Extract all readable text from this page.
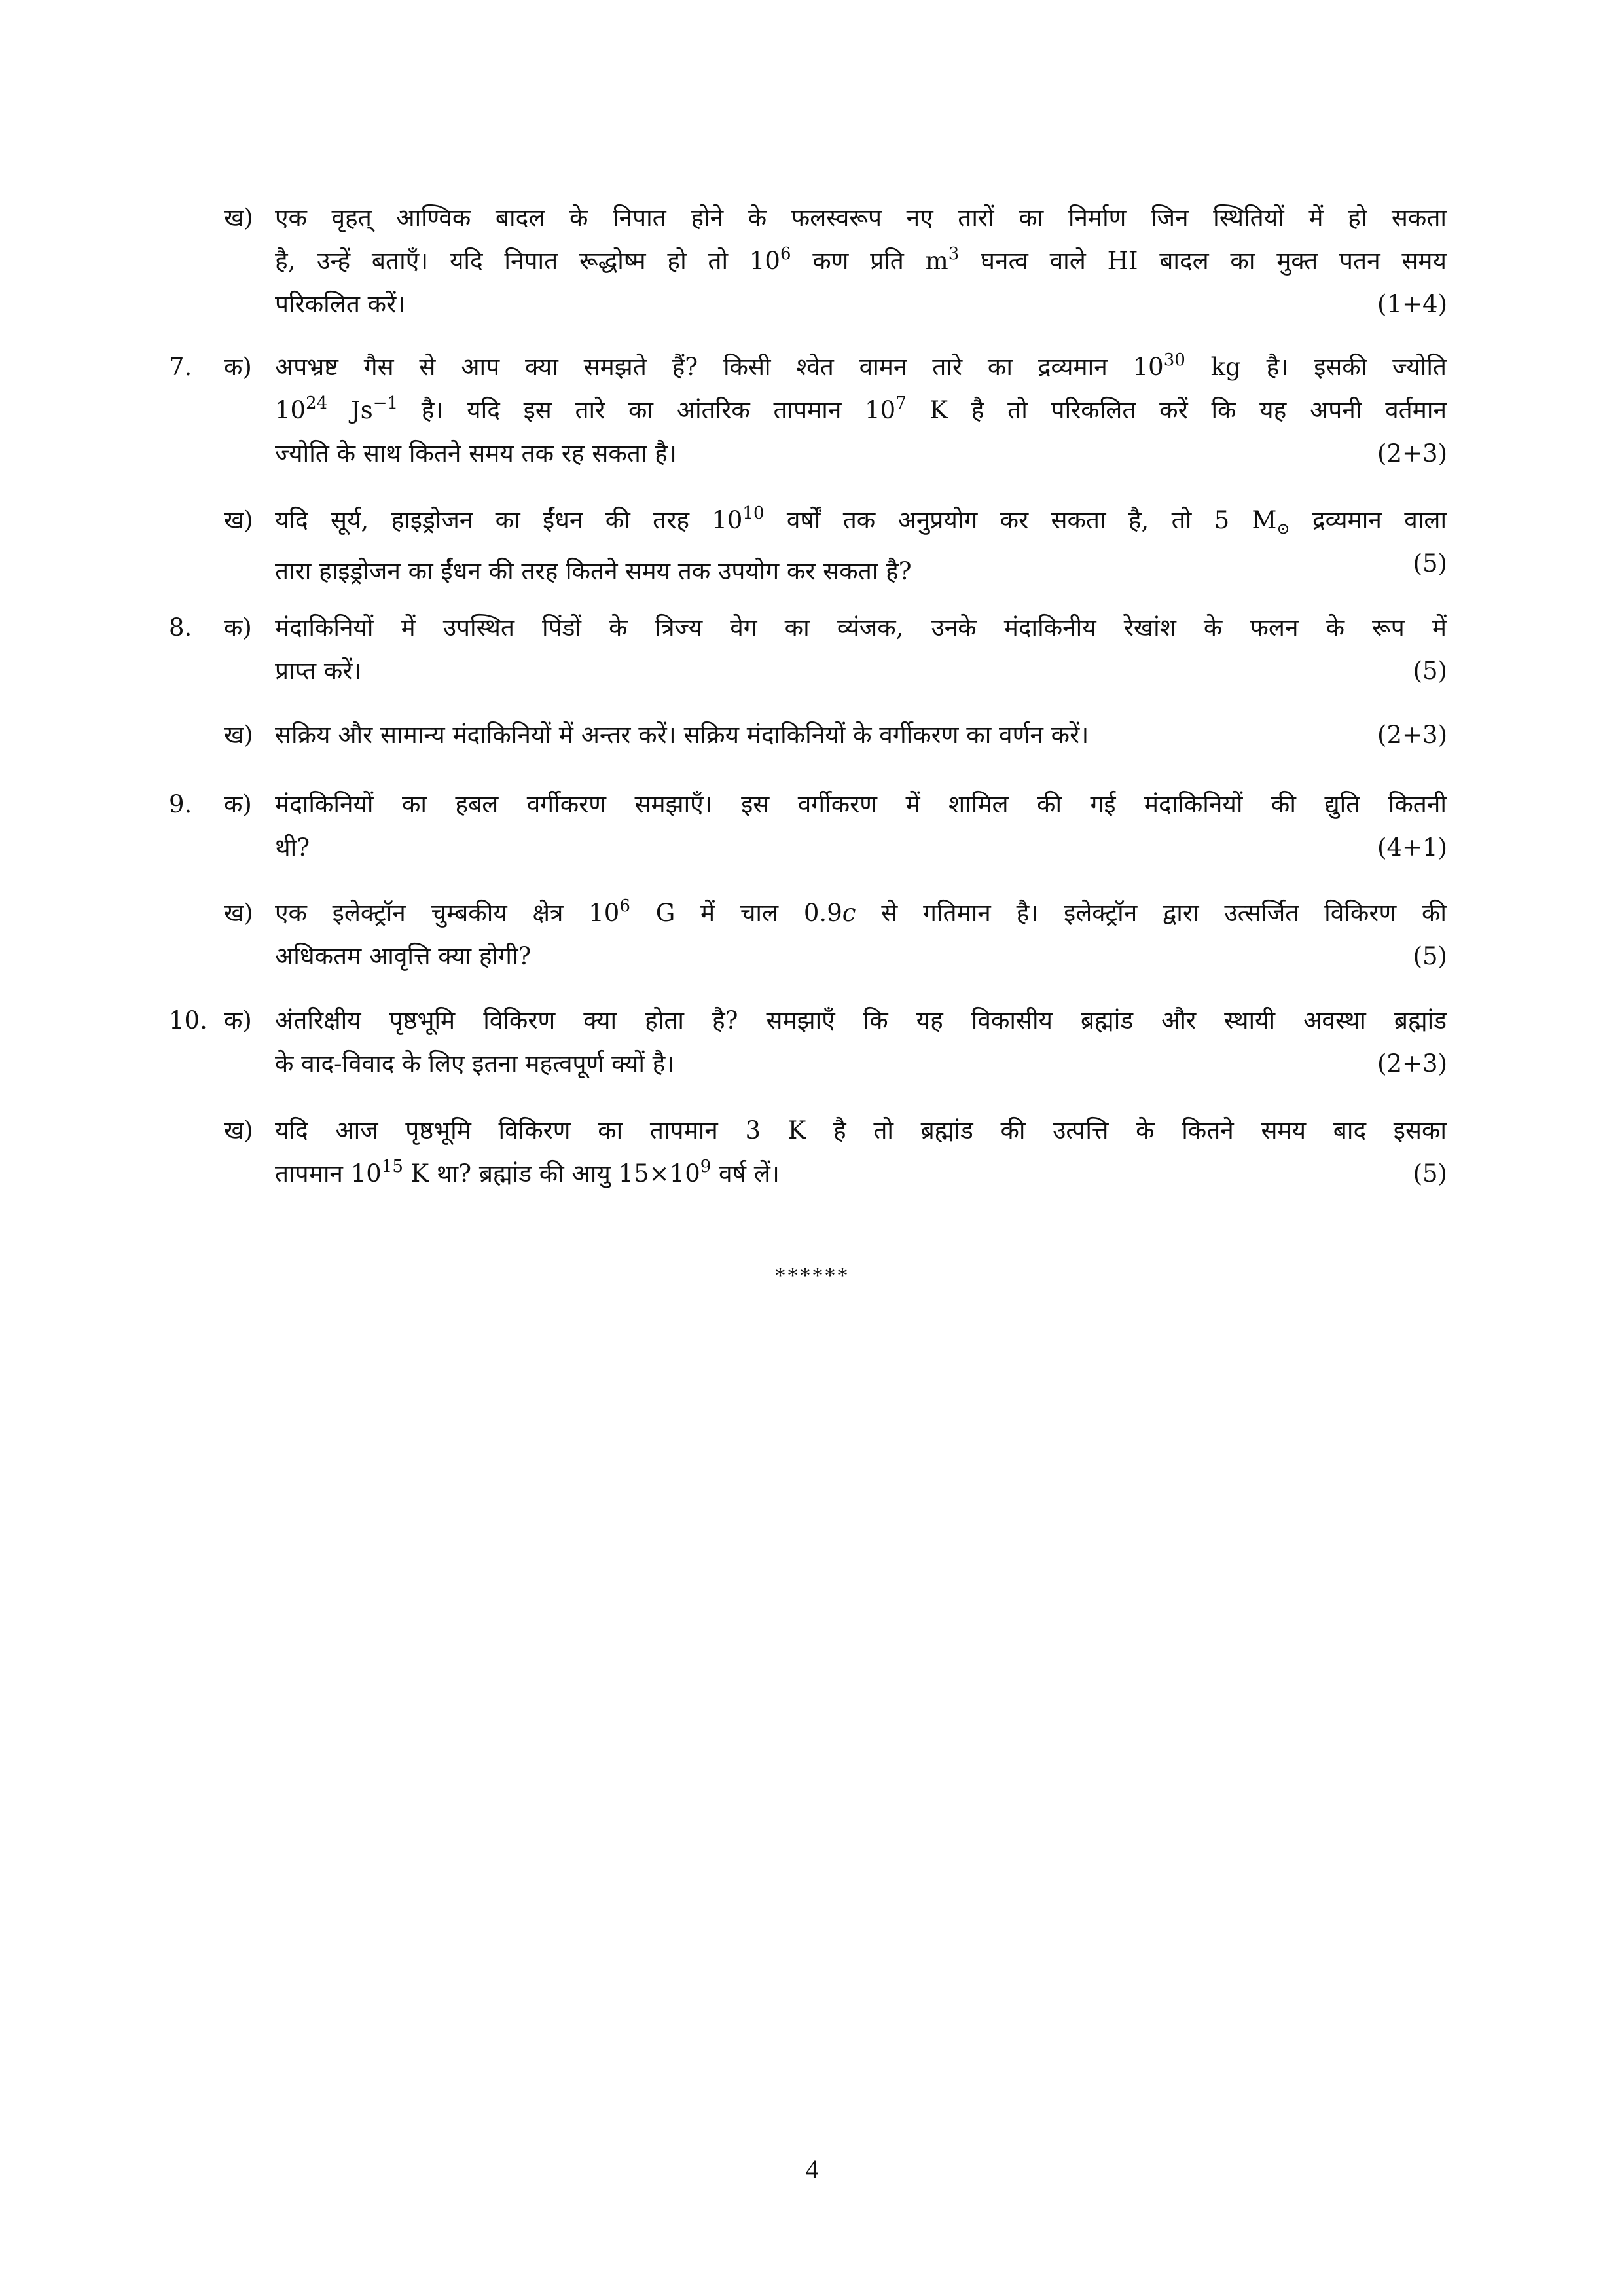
ख) एक वृहत् आण्विक बादल के निपात होने के फलस्वरूप नए तारों का निर्माण जिन स्थितियों में हो सकता

है, उन्हें बताएँ। यदि निपात रूद्धोष्म हो तो $10^6$ कण प्रति $m^3$ घनत्व वाले HI बादल का मुक्त पतन समय

परिकलित करें।	(1+4)
7. क) अपभ्रष्ट गैस से आप क्या समझते हैं? किसी श्वेत वामन तारे का द्रव्यमान $10^{30}$ kg है। इसकी ज्योति

$10^{24}$ $Js^{-1}$ है। यदि इस तारे का आंतरिक तापमान $10^7$ K है तो परिकलित करें कि यह अपनी वर्तमान

ज्योति के साथ कितने समय तक रह सकता है।	(2+3)
ख) यदि सूर्य, हाइड्रोजन का ईंधन की तरह $10^{10}$ वर्षों तक अनुप्रयोग कर सकता है, तो 5 $M_⊙$ द्रव्यमान वाला

तारा हाइड्रोजन का ईंधन की तरह कितने समय तक उपयोग कर सकता है?	(5)
8. क) मंदाकिनियों में उपस्थित पिंडों के त्रिज्य वेग का व्यंजक, उनके मंदाकिनीय रेखांश के फलन के रूप में

प्राप्त करें।	(5)
ख) सक्रिय और सामान्य मंदाकिनियों में अन्तर करें। सक्रिय मंदाकिनियों के वर्गीकरण का वर्णन करें।	(2+3)
9. क) मंदाकिनियों का हबल वर्गीकरण समझाएँ। इस वर्गीकरण में शामिल की गई मंदाकिनियों की द्युति कितनी

थी?	(4+1)
ख) एक इलेक्ट्रॉन चुम्बकीय क्षेत्र $10^6$ G में चाल 0.9c से गतिमान है। इलेक्ट्रॉन द्वारा उत्सर्जित विकिरण की

अधिकतम आवृत्ति क्या होगी?	(5)
10. क) अंतरिक्षीय पृष्ठभूमि विकिरण क्या होता है? समझाएँ कि यह विकासीय ब्रह्मांड और स्थायी अवस्था ब्रह्मांड

के वाद-विवाद के लिए इतना महत्वपूर्ण क्यों है।	(2+3)
ख) यदि आज पृष्ठभूमि विकिरण का तापमान 3 K है तो ब्रह्मांड की उत्पत्ति के कितने समय बाद इसका

तापमान $10^{15}$ K था? ब्रह्मांड की आयु $15\times 10^9$ वर्ष लें।	(5)
******
4
